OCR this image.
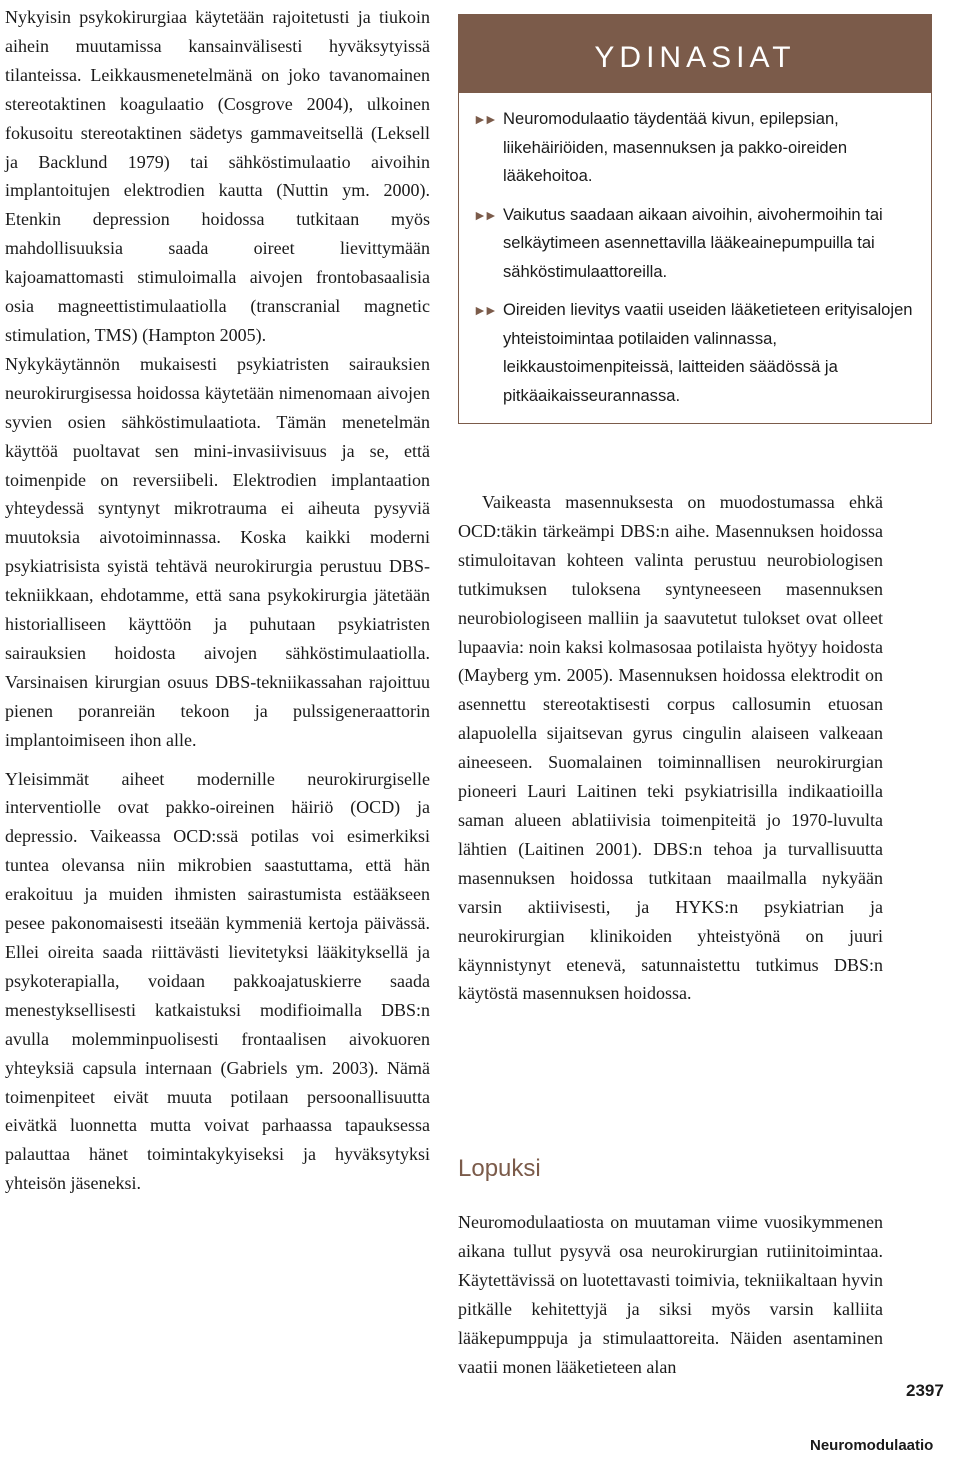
Nykyisin psykokirurgiaa käytetään rajoitetusti ja tiukoin aihein muutamissa kansainvälisesti hyväksytyissä tilanteissa. Leikkausmenetelmänä on joko tavanomainen stereotaktinen koagulaatio (Cosgrove 2004), ulkoinen fokusoitu stereotaktinen sädetys gammaveitsellä (Leksell ja Backlund 1979) tai sähköstimulaatio aivoihin implantoitujen elektrodien kautta (Nuttin ym. 2000). Etenkin depression hoidossa tutkitaan myös mahdollisuuksia saada oireet lievittymään kajoamattomasti stimuloimalla aivojen frontobasaalisia osia magneettistimulaatiolla (transcranial magnetic stimulation, TMS) (Hampton 2005).

Nykykäytännön mukaisesti psykiatristen sairauksien neurokirurgisessa hoidossa käytetään nimenomaan aivojen syvien osien sähköstimulaatiota. Tämän menetelmän käyttöä puoltavat sen mini-invasiivisuus ja se, että toimenpide on reversiibeli. Elektrodien implantaation yhteydessä syntynyt mikrotrauma ei aiheuta pysyviä muutoksia aivotoiminnassa. Koska kaikki moderni psykiatrisista syistä tehtävä neurokirurgia perustuu DBS-tekniikkaan, ehdotamme, että sana psykokirurgia jätetään historialliseen käyttöön ja puhutaan psykiatristen sairauksien hoidosta aivojen sähköstimulaatiolla. Varsinaisen kirurgian osuus DBS-tekniikassahan rajoittuu pienen poranreiän tekoon ja pulssigeneraattorin implantoimiseen ihon alle.

Yleisimmät aiheet modernille neurokirurgiselle interventiolle ovat pakko-oireinen häiriö (OCD) ja depressio. Vaikeassa OCD:ssä potilas voi esimerkiksi tuntea olevansa niin mikrobien saastuttama, että hän erakoituu ja muiden ihmisten sairastumista estääkseen pesee pakonomaisesti itseään kymmeniä kertoja päivässä. Ellei oireita saada riittävästi lievitetyksi lääkityksellä ja psykoterapialla, voidaan pakkoajatuskierre saada menestyksellisesti katkaistuksi modifioimalla DBS:n avulla molemminpuolisesti frontaalisen aivokuoren yhteyksiä capsula internaan (Gabriels ym. 2003). Nämä toimenpiteet eivät muuta potilaan persoonallisuutta eivätkä luonnetta mutta voivat parhaassa tapauksessa palauttaa hänet toimintakykyiseksi ja hyväksytyksi yhteisön jäseneksi.

YDINASIAT
►► Neuromodulaatio täydentää kivun, epilepsian, liikehäiriöiden, masennuksen ja pakko-oireiden lääkehoitoa.
►► Vaikutus saadaan aikaan aivoihin, aivohermoihin tai selkäytimeen asennettavilla lääkeainepumpuilla tai sähköstimulaattoreilla.
►► Oireiden lievitys vaatii useiden lääketieteen erityisalojen yhteistoimintaa potilaiden valinnassa, leikkaustoimenpiteissä, laitteiden säädössä ja pitkäaikaisseurannassa.

Vaikeasta masennuksesta on muodostumassa ehkä OCD:täkin tärkeämpi DBS:n aihe. Masennuksen hoidossa stimuloitavan kohteen valinta perustuu neurobiologisen tutkimuksen tuloksena syntyneeseen masennuksen neurobiologiseen malliin ja saavutetut tulokset ovat olleet lupaavia: noin kaksi kolmasosaa potilaista hyötyy hoidosta (Mayberg ym. 2005). Masennuksen hoidossa elektrodit on asennettu stereotaktisesti corpus callosumin etuosan alapuolella sijaitsevan gyrus cingulin alaiseen valkeaan aineeseen. Suomalainen toiminnallisen neurokirurgian pioneeri Lauri Laitinen teki psykiatrisilla indikaatioilla saman alueen ablatiivisia toimenpiteitä jo 1970-luvulta lähtien (Laitinen 2001). DBS:n tehoa ja turvallisuutta masennuksen hoidossa tutkitaan maailmalla nykyään varsin aktiivisesti, ja HYKS:n psykiatrian ja neurokirurgian klinikoiden yhteistyönä on juuri käynnistynyt etenevä, satunnaistettu tutkimus DBS:n käytöstä masennuksen hoidossa.

Lopuksi

Neuromodulaatiosta on muutaman viime vuosikymmenen aikana tullut pysyvä osa neurokirurgian rutiinitoimintaa. Käytettävissä on luotettavasti toimivia, tekniikaltaan hyvin pitkälle kehitettyjä ja siksi myös varsin kalliita lääkepumppuja ja stimulaattoreita. Näiden asentaminen vaatii monen lääketieteen alan

2397
Neuromodulaatio
